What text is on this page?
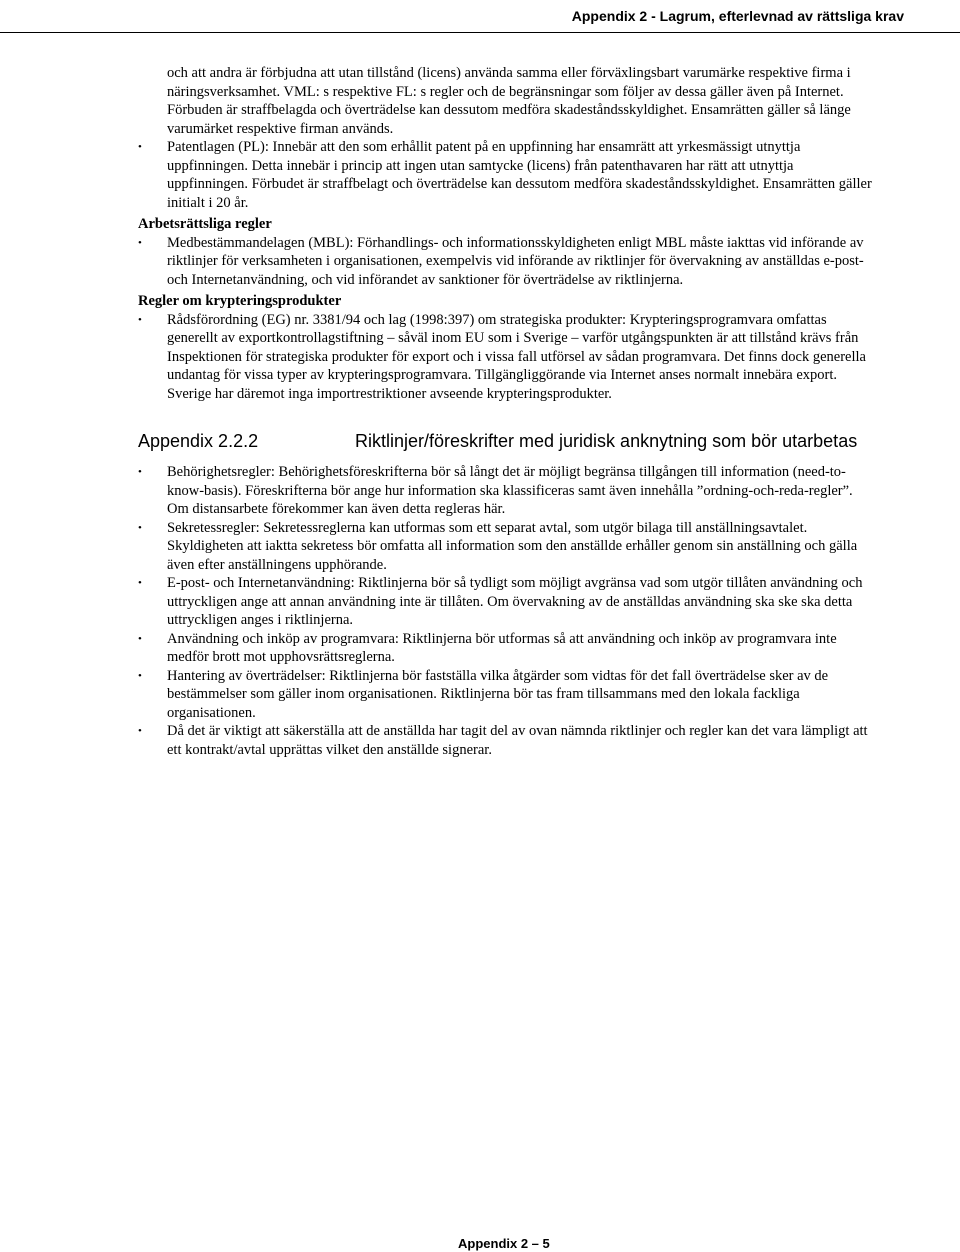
Appendix 2 - Lagrum, efterlevnad av rättsliga krav

och att andra är förbjudna att utan tillstånd (licens) använda samma eller förväxlingsbart varumärke respektive firma i näringsverksamhet. VML: s respektive FL: s regler och de begränsningar som följer av dessa gäller även på Internet. Förbuden är straffbelagda och överträdelse kan dessutom medföra skadeståndsskyldighet. Ensamrätten gäller så länge varumärket respektive firman används.

•	Patentlagen (PL): Innebär att den som erhållit patent på en uppfinning har ensamrätt att yrkesmässigt utnyttja uppfinningen. Detta innebär i princip att ingen utan samtycke (licens) från patenthavaren har rätt att utnyttja uppfinningen. Förbudet är straffbelagt och överträdelse kan dessutom medföra skadeståndsskyldighet. Ensamrätten gäller initialt i 20 år.
Arbetsrättsliga regler
•	Medbestämmandelagen (MBL): Förhandlings- och informationsskyldigheten enligt MBL måste iakttas vid införande av riktlinjer för verksamheten i organisationen, exempelvis vid införande av riktlinjer för övervakning av anställdas e-post- och Internetanvändning, och vid införandet av sanktioner för överträdelse av riktlinjerna.
Regler om krypteringsprodukter
•	Rådsförordning (EG) nr. 3381/94 och lag (1998:397) om strategiska produkter: Krypteringsprogramvara omfattas generellt av exportkontrollagstiftning – såväl inom EU som i Sverige – varför utgångspunkten är att tillstånd krävs från Inspektionen för strategiska produkter för export och i vissa fall utförsel av sådan programvara. Det finns dock generella undantag för vissa typer av krypteringsprogramvara. Tillgängliggörande via Internet anses normalt innebära export. Sverige har däremot inga importrestriktioner avseende krypteringsprodukter.
Appendix 2.2.2	Riktlinjer/föreskrifter med juridisk anknytning som bör utarbetas
•	Behörighetsregler: Behörighetsföreskrifterna bör så långt det är möjligt begränsa tillgången till information (need-to-know-basis). Föreskrifterna bör ange hur information ska klassificeras samt även innehålla ”ordning-och-reda-regler”. Om distansarbete förekommer kan även detta regleras här.
•	Sekretessregler: Sekretessreglerna kan utformas som ett separat avtal, som utgör bilaga till anställningsavtalet. Skyldigheten att iaktta sekretess bör omfatta all information som den anställde erhåller genom sin anställning och gälla även efter anställningens upphörande.
•	E-post- och Internetanvändning: Riktlinjerna bör så tydligt som möjligt avgränsa vad som utgör tillåten användning och uttryckligen ange att annan användning inte är tillåten. Om övervakning av de anställdas användning ska ske ska detta uttryckligen anges i riktlinjerna.
•	Användning och inköp av programvara: Riktlinjerna bör utformas så att användning och inköp av programvara inte medför brott mot upphovsrättsreglerna.
•	Hantering av överträdelser: Riktlinjerna bör fastställa vilka åtgärder som vidtas för det fall överträdelse sker av de bestämmelser som gäller inom organisationen. Riktlinjerna bör tas fram tillsammans med den lokala fackliga organisationen.
•	Då det är viktigt att säkerställa att de anställda har tagit del av ovan nämnda riktlinjer och regler kan det vara lämpligt att ett kontrakt/avtal upprättas vilket den anställde signerar.
Appendix 2 – 5
